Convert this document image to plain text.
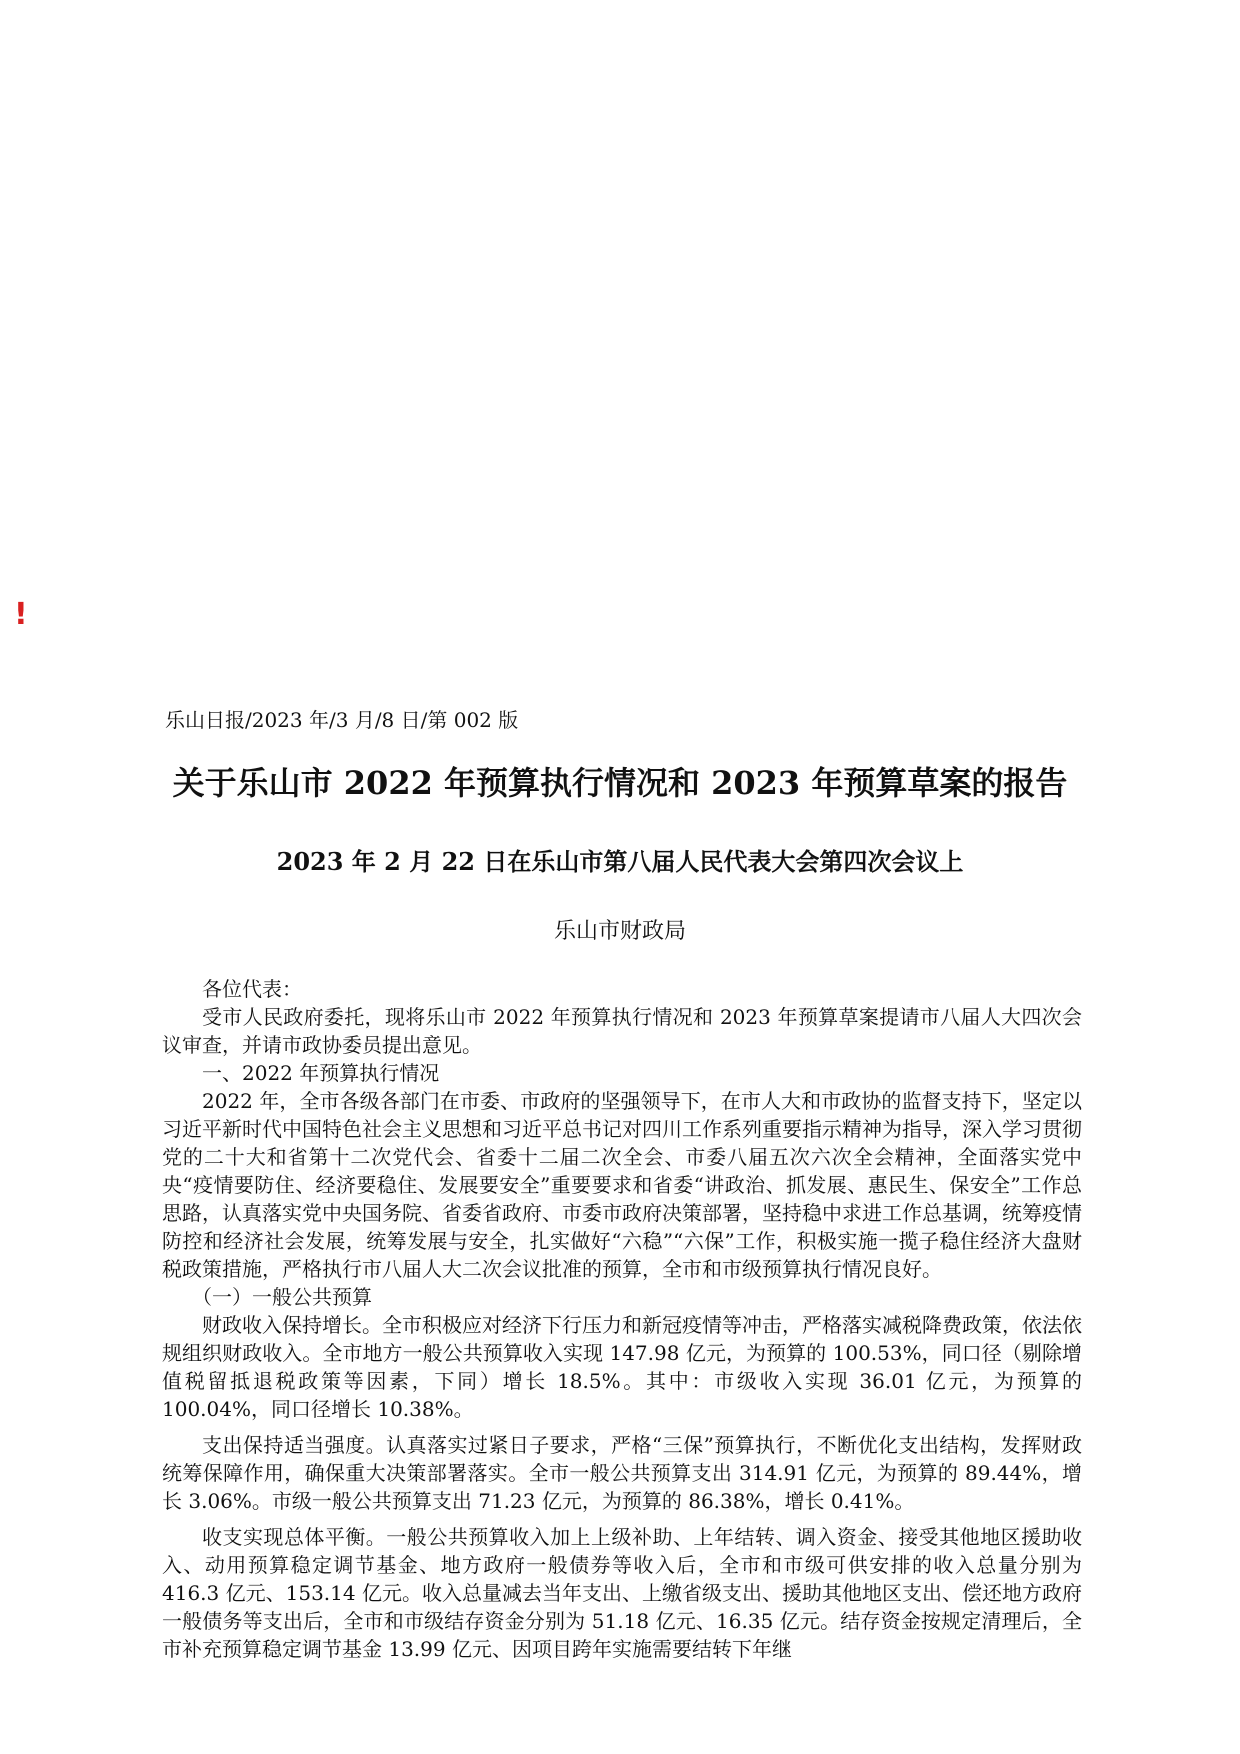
!
乐山日报/2023 年/3 月/8 日/第 002 版
关于乐山市 2022 年预算执行情况和 2023 年预算草案的报告
2023 年 2 月 22 日在乐山市第八届人民代表大会第四次会议上
乐山市财政局

各位代表：

受市人民政府委托，现将乐山市 2022 年预算执行情况和 2023 年预算草案提请市八届人大四次会议审查，并请市政协委员提出意见。

一、2022 年预算执行情况

2022 年，全市各级各部门在市委、市政府的坚强领导下，在市人大和市政协的监督支持下，坚定以习近平新时代中国特色社会主义思想和习近平总书记对四川工作系列重要指示精神为指导，深入学习贯彻党的二十大和省第十二次党代会、省委十二届二次全会、市委八届五次六次全会精神，全面落实党中央“疫情要防住、经济要稳住、发展要安全”重要要求和省委“讲政治、抓发展、惠民生、保安全”工作总思路，认真落实党中央国务院、省委省政府、市委市政府决策部署，坚持稳中求进工作总基调，统筹疫情防控和经济社会发展，统筹发展与安全，扎实做好“六稳”“六保”工作，积极实施一揽子稳住经济大盘财税政策措施，严格执行市八届人大二次会议批准的预算，全市和市级预算执行情况良好。

（一）一般公共预算

财政收入保持增长。全市积极应对经济下行压力和新冠疫情等冲击，严格落实减税降费政策，依法依规组织财政收入。全市地方一般公共预算收入实现 147.98 亿元，为预算的 100.53%，同口径（剔除增值税留抵退税政策等因素，下同）增长 18.5%。其中：市级收入实现 36.01 亿元，为预算的 100.04%，同口径增长 10.38%。

支出保持适当强度。认真落实过紧日子要求，严格“三保”预算执行，不断优化支出结构，发挥财政统筹保障作用，确保重大决策部署落实。全市一般公共预算支出 314.91 亿元，为预算的 89.44%，增长 3.06%。市级一般公共预算支出 71.23 亿元，为预算的 86.38%，增长 0.41%。

收支实现总体平衡。一般公共预算收入加上上级补助、上年结转、调入资金、接受其他地区援助收入、动用预算稳定调节基金、地方政府一般债券等收入后，全市和市级可供安排的收入总量分别为 416.3 亿元、153.14 亿元。收入总量减去当年支出、上缴省级支出、援助其他地区支出、偿还地方政府一般债务等支出后，全市和市级结存资金分别为 51.18 亿元、16.35 亿元。结存资金按规定清理后，全市补充预算稳定调节基金 13.99 亿元、因项目跨年实施需要结转下年继
